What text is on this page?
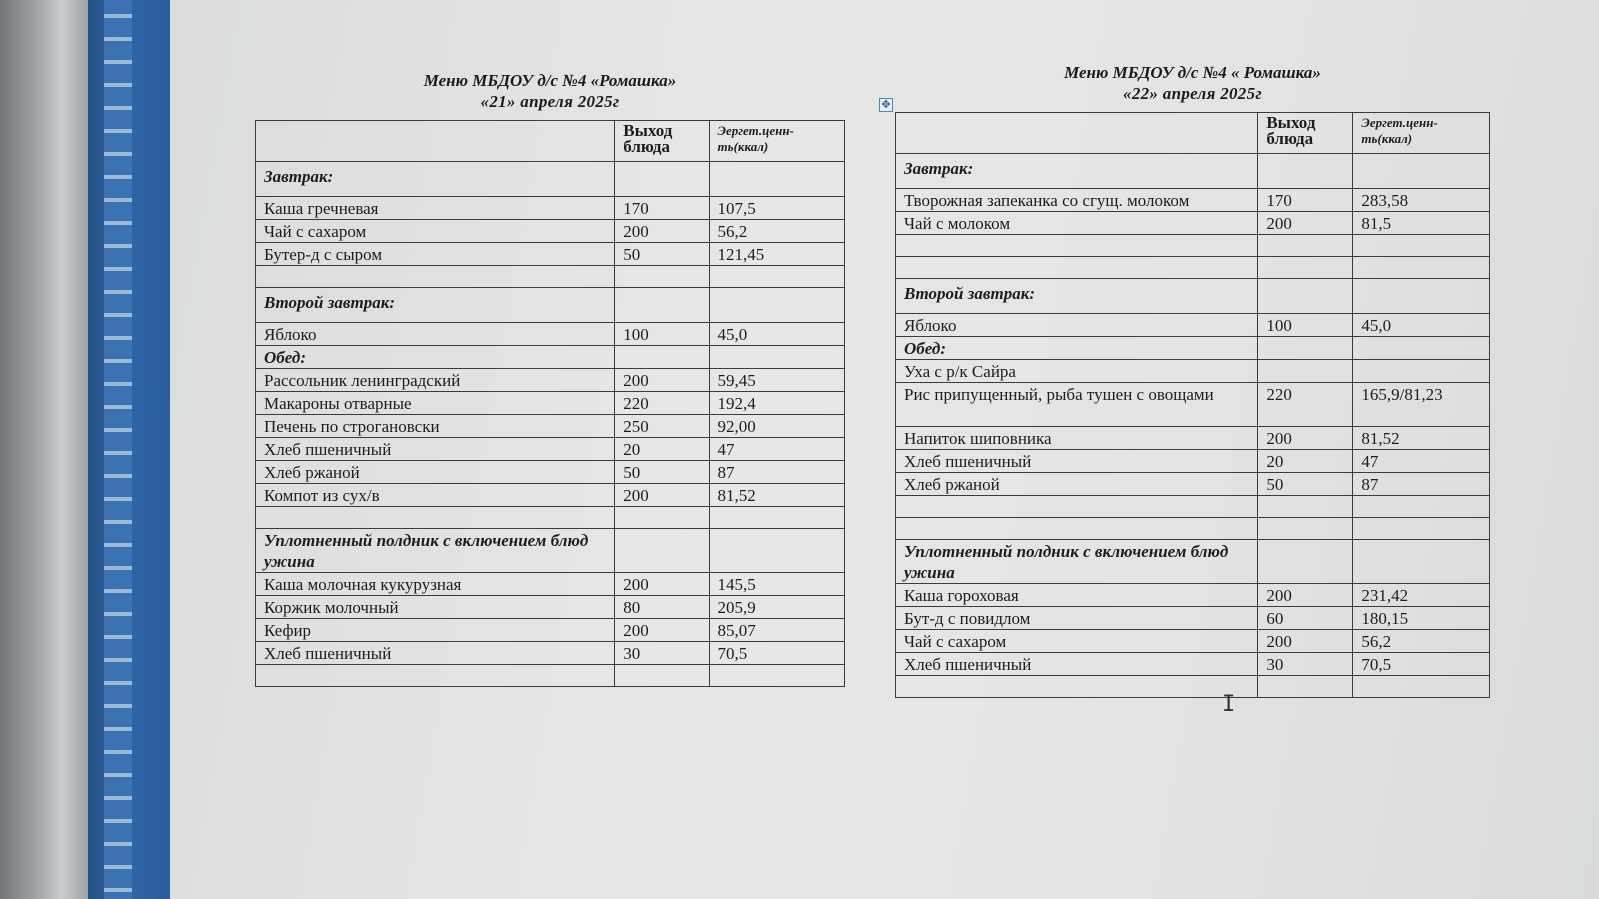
Меню МБДОУ д/с №4 «Ромашка»
«21» апреля 2025г
	Выход блюда	Эергет.ценн-ть(ккал)
Завтрак:		
Каша гречневая	170	107,5
Чай с сахаром	200	56,2
Бутер-д с сыром	50	121,45

Второй завтрак:		
Яблоко	100	45,0
Обед:		
Рассольник ленинградский	200	59,45
Макароны отварные	220	192,4
Печень по строгановски	250	92,00
Хлеб пшеничный	20	47
Хлеб ржаной	50	87
Компот из сух/в	200	81,52

Уплотненный полдник с включением блюд ужина		
Каша молочная кукурузная	200	145,5
Коржик молочный	80	205,9
Кефир	200	85,07
Хлеб пшеничный	30	70,5

Меню МБДОУ д/с №4 « Ромашка»
«22» апреля 2025г
✥
	Выход блюда	Эергет.ценн-ть(ккал)
Завтрак:		
Творожная запеканка со сгущ. молоком	170	283,58
Чай с молоком	200	81,5

Второй завтрак:		
Яблоко	100	45,0
Обед:		
Уха с р/к Сайра		
Рис припущенный, рыба тушен с овощами	220	165,9/81,23
Напиток шиповника	200	81,52
Хлеб пшеничный	20	47
Хлеб ржаной	50	87

Уплотненный полдник с включением блюд ужина		
Каша гороховая	200	231,42
Бут-д с повидлом	60	180,15
Чай с сахаром	200	56,2
Хлеб пшеничный	30	70,5

I
